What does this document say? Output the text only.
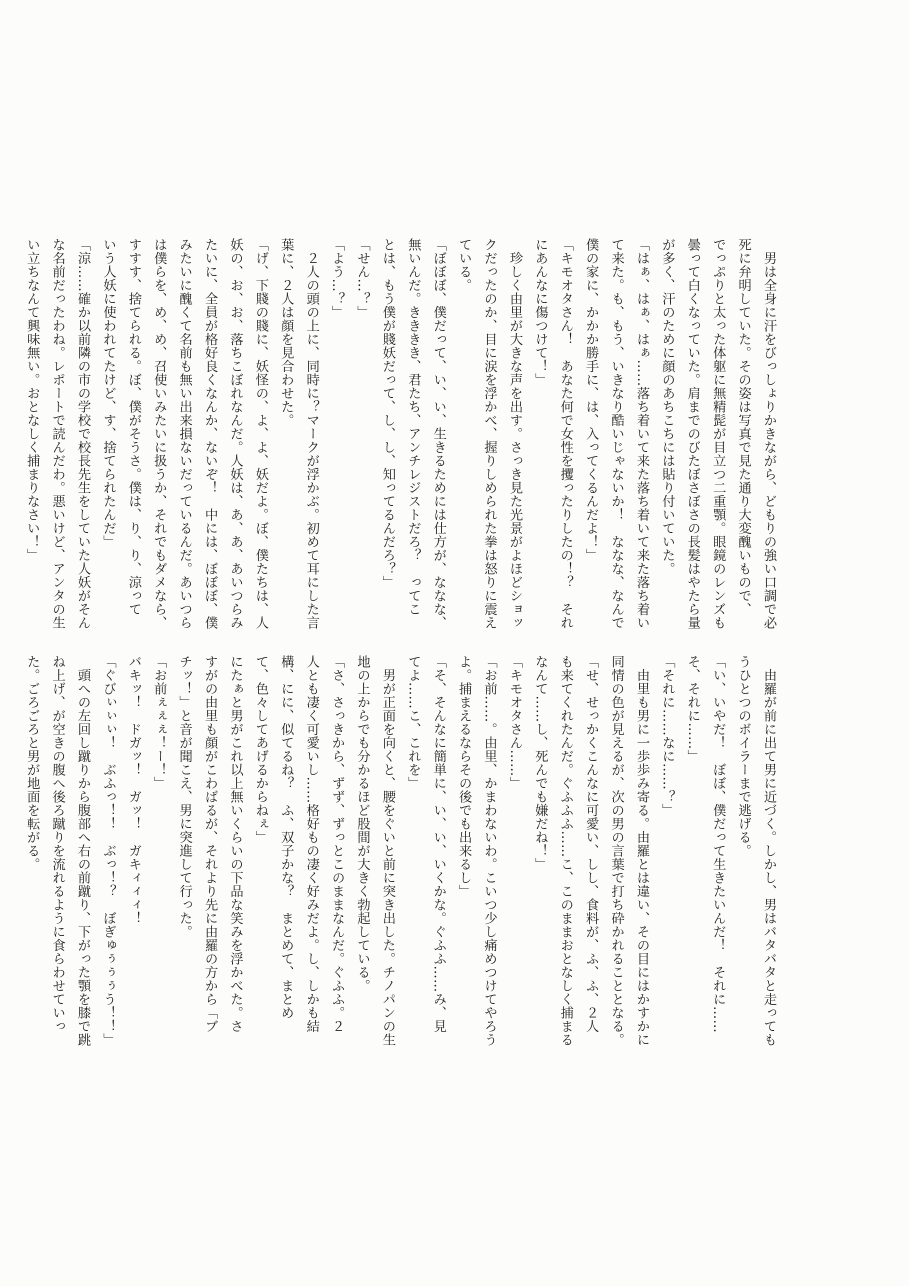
　男は全身に汗をびっしょりかきながら、どもりの強い口調で必

死に弁明していた。その姿は写真で見た通り大変醜いもので、

でっぷりと太った体躯に無精髭が目立つ二重顎。眼鏡のレンズも

曇って白くなっていた。肩までのびたぼさぼさの長髪はやたら量

が多く、汗のために顔のあちこちには貼り付いていた。

「はぁ、はぁ、はぁ……落ち着いて来た落ち着いて来た落ち着い

て来た。も、もう、いきなり酷いじゃないか！　ななな、なんで

僕の家に、かかか勝手に、は、入ってくるんだよ！」

「キモオタさん！　あなた何で女性を攫ったりしたの！？　それ

にあんなに傷つけて！」

　珍しく由里が大きな声を出す。さっき見た光景がよほどショッ

クだったのか、目に涙を浮かべ、握りしめられた拳は怒りに震え

ている。

「ぼぼぼ、僕だって、い、い、生きるためには仕方が、ななな、

無いんだ。きききき、君たち、アンチレジストだろ？　ってこ

とは、もう僕が賤妖だって、し、し、知ってるんだろ？」

「せん…？」

「よう…？」

　２人の頭の上に、同時に？マークが浮かぶ。初めて耳にした言

葉に、２人は顔を見合わせた。

「げ、下賤の賤に、妖怪の、よ、よ、妖だよ。ぼ、僕たちは、人

妖の、お、お、落ちこぼれなんだ。人妖は、あ、あ、あいつらみ

たいに、全員が格好良くなんか、ないぞ！　中には、ぼぼぼ、僕

みたいに醜くて名前も無い出来損ないだっているんだ。あいつら

は僕らを、め、め、召使いみたいに扱うか、それでもダメなら、

すすす、捨てられる。ぼ、僕がそうさ。僕は、り、り、涼って

いう人妖に使われてたけど、す、捨てられたんだ」

「涼……確か以前隣の市の学校で校長先生をしていた人妖がそん

な名前だったわね。レポートで読んだわ。悪いけど、アンタの生

い立ちなんて興味無い。おとなしく捕まりなさい！」

　由羅が前に出て男に近づく。しかし、男はバタバタと走っても

うひとつのボイラーまで逃げる。

「い、いやだ！　ぼぼ、僕だって生きたいんだ！　それに……

そ、それに……」

「それに……なに……？」

　由里も男に一歩歩み寄る。由羅とは違い、その目にはかすかに

同情の色が見えるが、次の男の言葉で打ち砕かれることとなる。

「せ、せっかくこんなに可愛い、しし、食料が、ふ、ふ、２人

も来てくれたんだ。ぐふふふ……こ、このままおとなしく捕まる

なんて……し、死んでも嫌だね！」

「キモオタさん……」

「お前……。由里、かまわないわ。こいつ少し痛めつけてやろう

よ。捕まえるならその後でも出来るし」

「そ、そんなに簡単に、い、い、いくかな。ぐふふ……み、見

てよ……こ、これを」

　男が正面を向くと、腰をぐいと前に突き出した。チノパンの生

地の上からでも分かるほど股間が大きく勃起している。

「さ、さっきから、ずず、ずっとこのままなんだ。ぐふふ。２

人とも凄く可愛いし……格好もの凄く好みだよ。し、しかも結

構、にに、似てるね？　ふ、双子かな？　まとめて、まとめ

て、色々してあげるからねぇ」

にたぁと男がこれ以上無いくらいの下品な笑みを浮かべた。さ

すがの由里も顔がこわばるが、それより先に由羅の方から「ブ

チッ！」と音が聞こえ、男に突進して行った。

「お前ぇぇぇ！ー！」

バキッ！　ドガッ！　ガッ！　ガキィィィ！

「ぐびぃぃぃ！　ぶふっ！！　ぶっ！？　ぼぎゅぅぅぅう！！」

　頭への左回し蹴りから腹部へ右の前蹴り、下がった顎を膝で跳

ね上げ、が空きの腹へ後ろ蹴りを流れるように食らわせていっ

た。ごろごろと男が地面を転がる。
